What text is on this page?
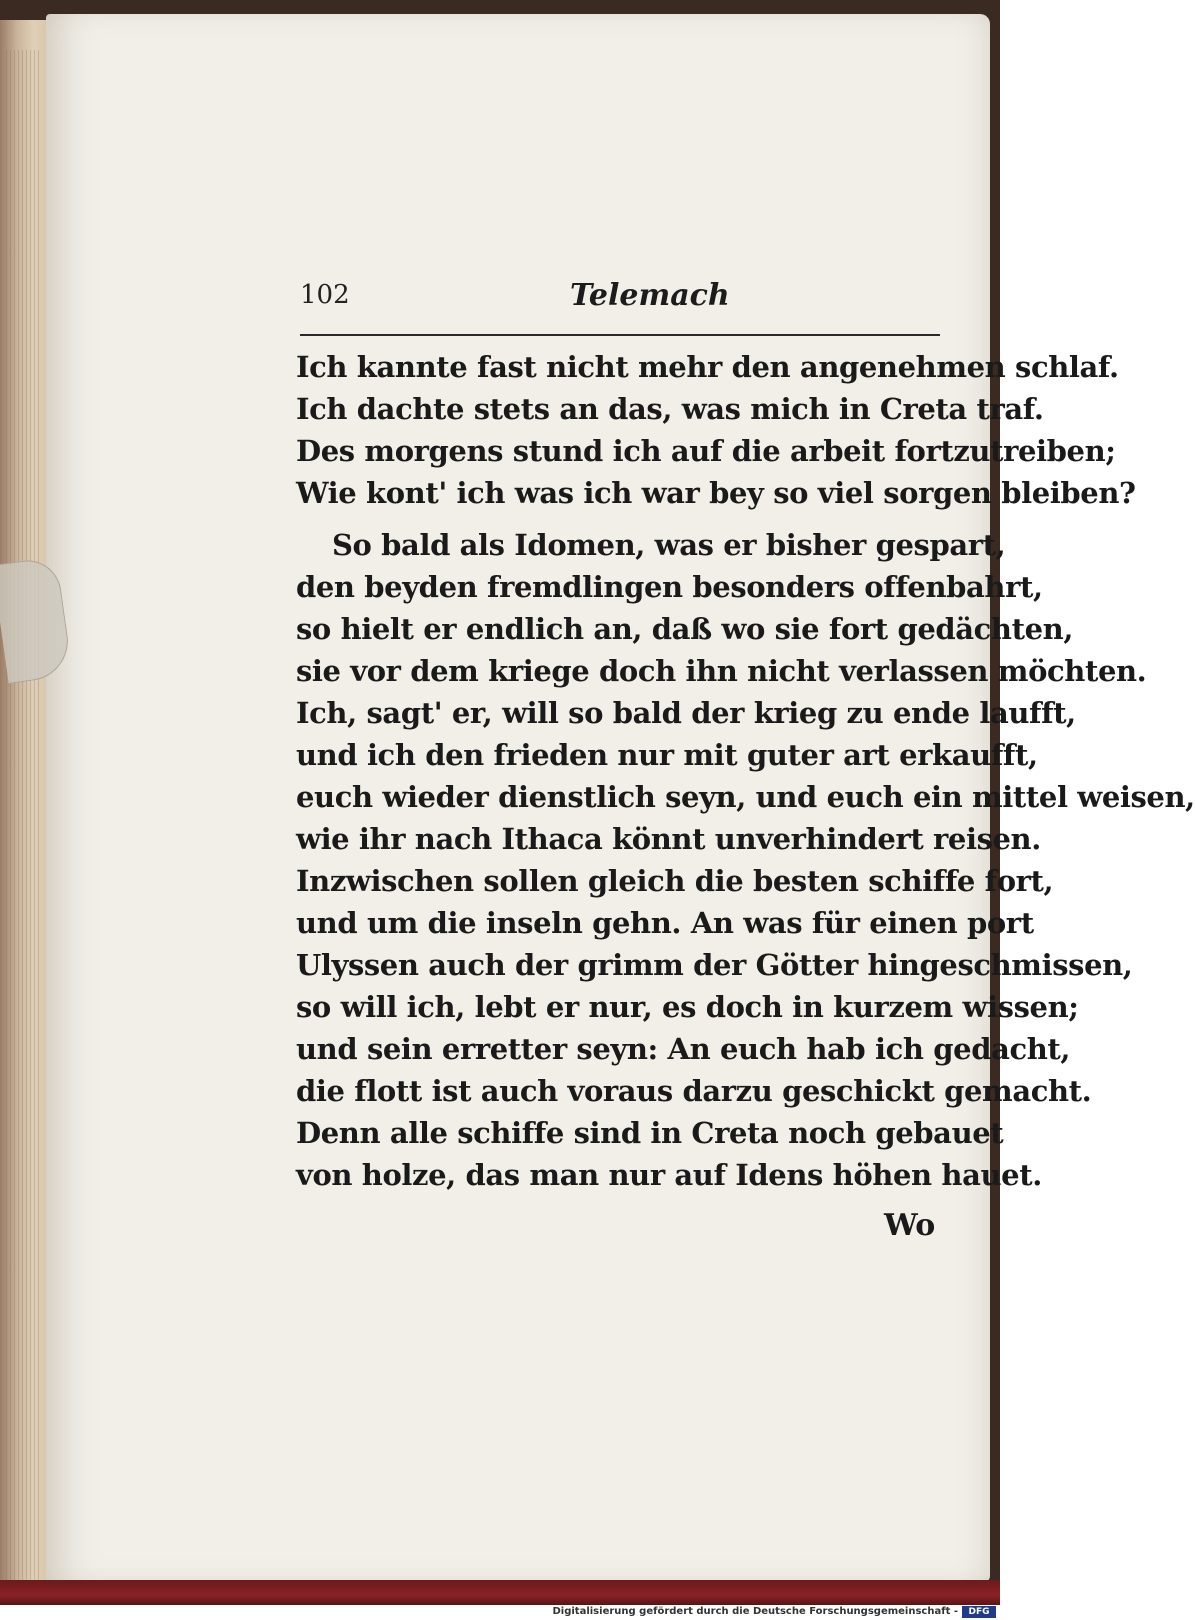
102	Telemach
Ich kannte fast nicht mehr den angenehmen schlaf.
Ich dachte stets an das, was mich in Creta traf.
Des morgens stund ich auf die arbeit fortzutreiben;
Wie kont' ich was ich war bey so viel sorgen bleiben?
So bald als Idomen, was er bisher gespart,
den beyden fremdlingen besonders offenbahrt,
so hielt er endlich an, daß wo sie fort gedächten,
sie vor dem kriege doch ihn nicht verlassen möchten.
Ich, sagt' er, will so bald der krieg zu ende laufft,
und ich den frieden nur mit guter art erkaufft,
euch wieder dienstlich seyn, und euch ein mittel weisen,
wie ihr nach Ithaca könnt unverhindert reisen.
Inzwischen sollen gleich die besten schiffe fort,
und um die inseln gehn. An was für einen port
Ulyssen auch der grimm der Götter hingeschmissen,
so will ich, lebt er nur, es doch in kurzem wissen;
und sein erretter seyn: An euch hab ich gedacht,
die flott ist auch voraus darzu geschickt gemacht.
Denn alle schiffe sind in Creta noch gebauet
von holze, das man nur auf Idens höhen hauet.
Wo
Digitalisierung gefördert durch die Deutsche Forschungsgemeinschaft -	DFG
